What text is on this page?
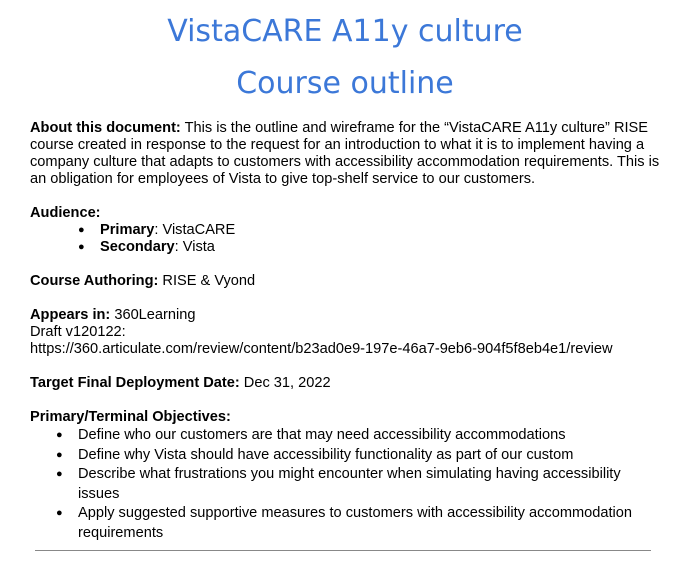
VistaCARE A11y culture
Course outline

About this document: This is the outline and wireframe for the “VistaCARE A11y culture” RISE course created in response to the request for an introduction to what it is to implement having a company culture that adapts to customers with accessibility accommodation requirements. This is an obligation for employees of Vista to give top-shelf service to our customers.

Audience:

● Primary: VistaCARE
● Secondary: Vista

Course Authoring: RISE & Vyond

Appears in: 360Learning

Draft v120122:

https://360.articulate.com/review/content/b23ad0e9-197e-46a7-9eb6-904f5f8eb4e1/review

Target Final Deployment Date: Dec 31, 2022

Primary/Terminal Objectives:

● Define who our customers are that may need accessibility accommodations
● Define why Vista should have accessibility functionality as part of our custom
● Describe what frustrations you might encounter when simulating having accessibility issues
● Apply suggested supportive measures to customers with accessibility accommodation requirements
